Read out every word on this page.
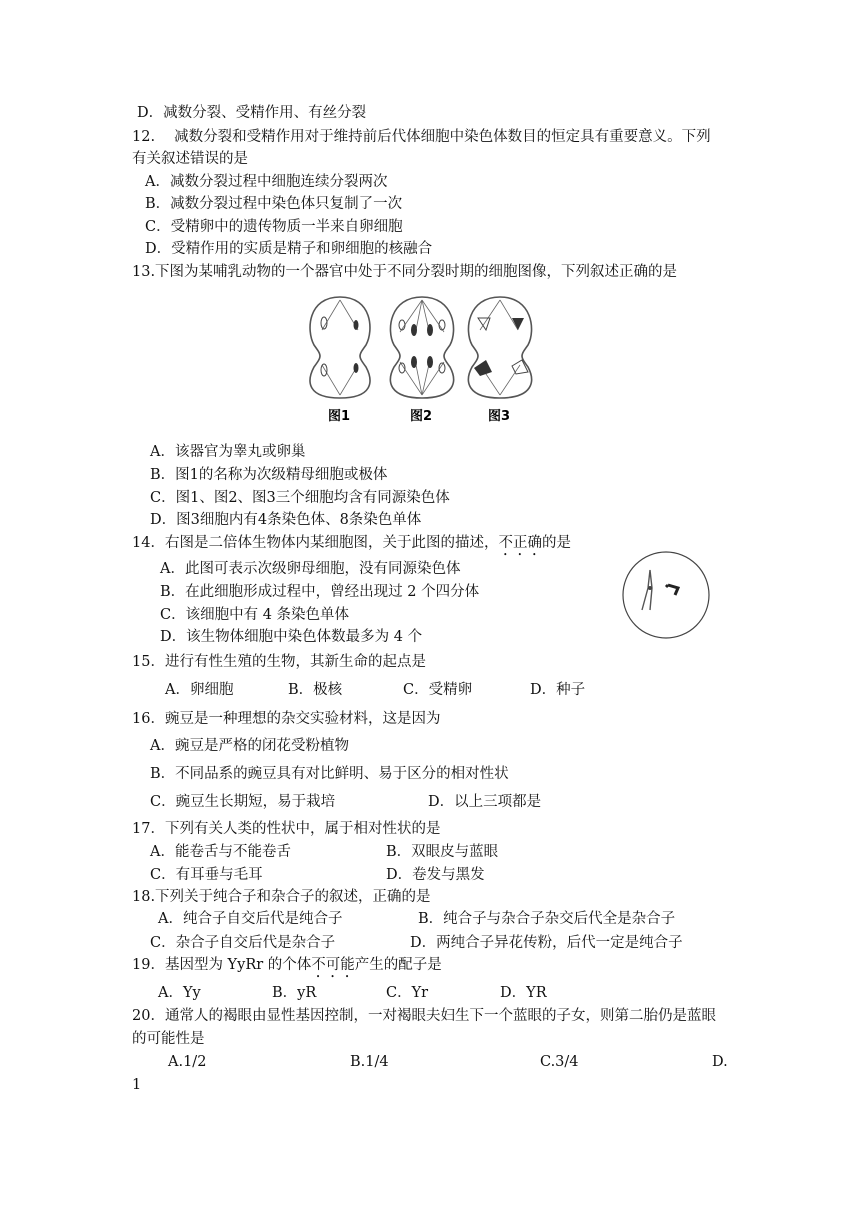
D．减数分裂、受精作用、有丝分裂
12.　 减数分裂和受精作用对于维持前后代体细胞中染色体数目的恒定具有重要意义。下列
有关叙述错误的是
A．减数分裂过程中细胞连续分裂两次
B．减数分裂过程中染色体只复制了一次
C．受精卵中的遗传物质一半来自卵细胞
D．受精作用的实质是精子和卵细胞的核融合
13.下图为某哺乳动物的一个器官中处于不同分裂时期的细胞图像，下列叙述正确的是
图1	图2	图3
A．该器官为睾丸或卵巢
B．图1的名称为次级精母细胞或极体
C．图1、图2、图3三个细胞均含有同源染色体
D．图3细胞内有4条染色体、8条染色单体
14．右图是二倍体生物体内某细胞图，关于此图的描述，不正确的是
A．此图可表示次级卵母细胞，没有同源染色体
B．在此细胞形成过程中，曾经出现过 2 个四分体
C．该细胞中有 4 条染色单体
D．该生物体细胞中染色体数最多为 4 个
15．进行有性生殖的生物，其新生命的起点是
A．卵细胞	B．极核	C．受精卵	D．种子
16．豌豆是一种理想的杂交实验材料，这是因为
A．豌豆是严格的闭花受粉植物
B．不同品系的豌豆具有对比鲜明、易于区分的相对性状
C．豌豆生长期短，易于栽培	D．以上三项都是
17．下列有关人类的性状中，属于相对性状的是
A．能卷舌与不能卷舌	B．双眼皮与蓝眼
C．有耳垂与毛耳	D．卷发与黑发
18.下列关于纯合子和杂合子的叙述，正确的是
A．纯合子自交后代是纯合子	B．纯合子与杂合子杂交后代全是杂合子
C．杂合子自交后代是杂合子	D．两纯合子异花传粉，后代一定是纯合子
19．基因型为 YyRr 的个体不可能产生的配子是
A．Yy	B．yR	C．Yr	D．YR
20．通常人的褐眼由显性基因控制，一对褐眼夫妇生下一个蓝眼的子女，则第二胎仍是蓝眼
的可能性是
A.1/2	B.1/4	C.3/4	D.
1
